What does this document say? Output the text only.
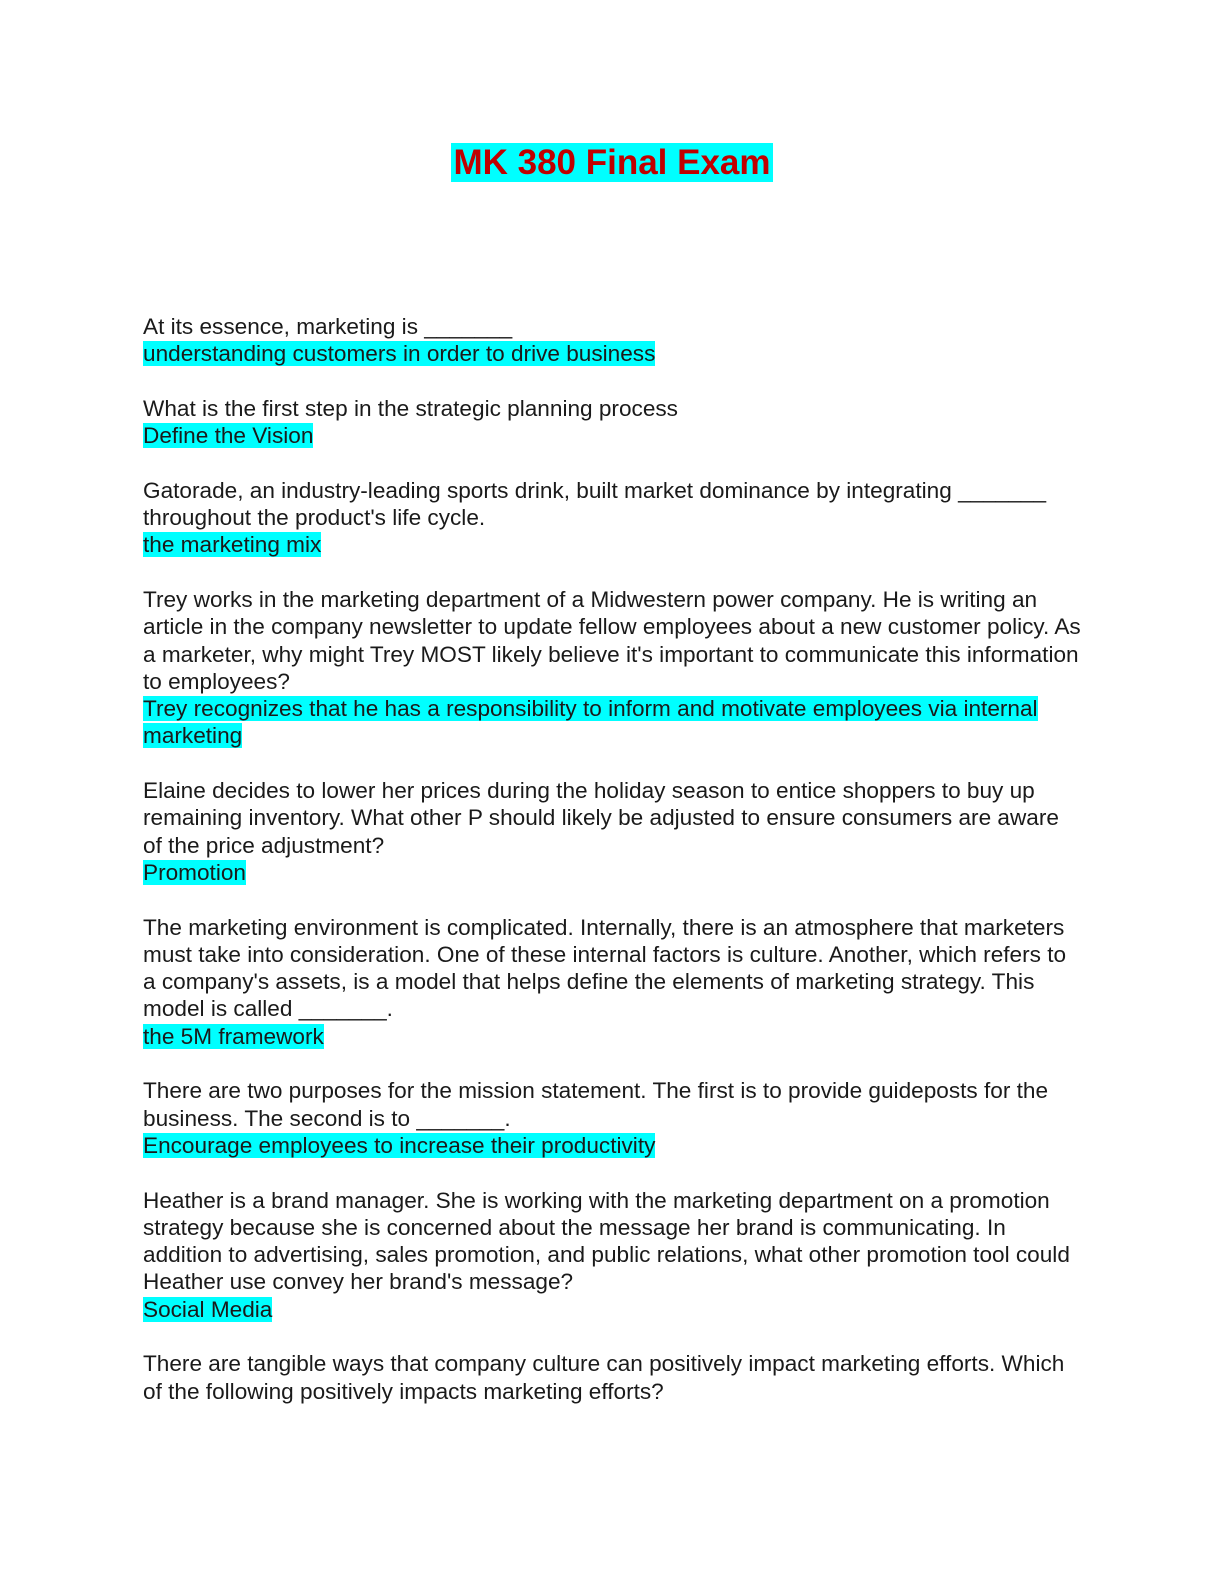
MK 380 Final Exam

At its essence, marketing is _______

understanding customers in order to drive business

What is the first step in the strategic planning process

Define the Vision

Gatorade, an industry-leading sports drink, built market dominance by integrating _______ throughout the product's life cycle.

the marketing mix

Trey works in the marketing department of a Midwestern power company. He is writing an article in the company newsletter to update fellow employees about a new customer policy. As a marketer, why might Trey MOST likely believe it's important to communicate this information to employees?

Trey recognizes that he has a responsibility to inform and motivate employees via internal marketing

Elaine decides to lower her prices during the holiday season to entice shoppers to buy up remaining inventory. What other P should likely be adjusted to ensure consumers are aware of the price adjustment?

Promotion

The marketing environment is complicated. Internally, there is an atmosphere that marketers must take into consideration. One of these internal factors is culture. Another, which refers to a company's assets, is a model that helps define the elements of marketing strategy. This model is called _______.

the 5M framework

There are two purposes for the mission statement. The first is to provide guideposts for the business. The second is to _______.

Encourage employees to increase their productivity

Heather is a brand manager. She is working with the marketing department on a promotion strategy because she is concerned about the message her brand is communicating. In addition to advertising, sales promotion, and public relations, what other promotion tool could Heather use convey her brand's message?

Social Media

There are tangible ways that company culture can positively impact marketing efforts. Which of the following positively impacts marketing efforts?
